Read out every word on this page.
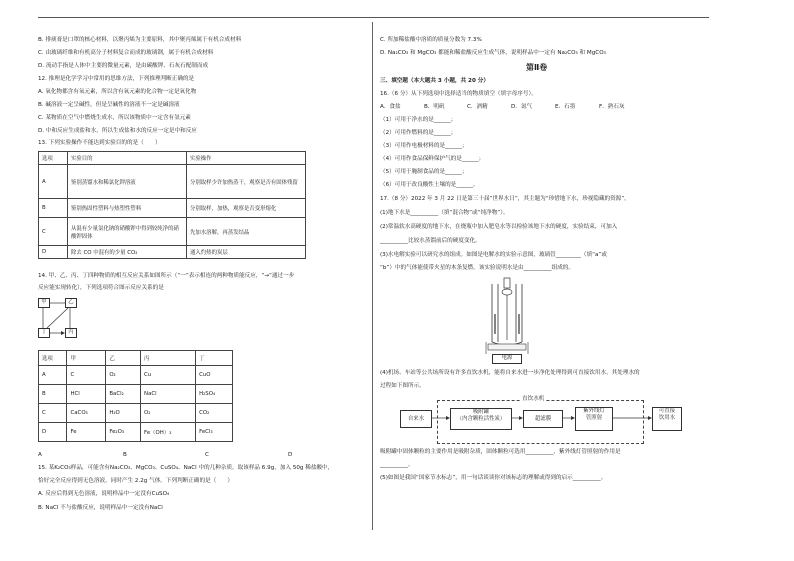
B. 排痰膏是口罩的核心材料，以聚丙烯为主要原料，其中聚丙烯属于有机合成材料
C. 由玻璃纤维和有机高分子材料复合而成的玻璃钢，属于有机合成材料
D. 流动手指是人体中主要的微量元素，是由碳酸钾、石灰石配制而成
12. 推理是化学学习中常用的思维方法，下列推理判断正确的是
A. 氧化物都含有氧元素，所以含有氧元素的化合物一定是氧化物
B. 碱溶液一定呈碱性，但是呈碱性的溶液不一定是碱溶液
C. 某物质在空气中燃烧生成水，所以该物质中一定含有氢元素
D. 中和反应生成盐和水，所以生成盐和水的反应一定是中和反应
13. 下列实验操作不能达到实验目的的是（　　）
选项	实验目的	实验操作
A	鉴别蒸馏水和稀氯化钾溶液	分别取样少许加热蒸干，观察是否有固体残留
B	鉴别热固性塑料与热塑性塑料	分别取样，加热，观察是否变形熔化
C	从混有少量氯化钠的硝酸钾中得到较纯净的硝酸钾固体	先加水溶解，再蒸发结晶
D	除去 CO 中混有的少量 CO₂	通入灼热的炭层
14. 甲、乙、丙、丁四种物质的相互反应关系如图所示（“一”表示相连的两种物质能反应，“→”通过一步
反应能实现转化），下列选项符合图示反应关系的是
甲	乙
丁	丙
选项	甲	乙	丙	丁
A	C	O₂	Cu	CuO
B	HCl	BaCl₂	NaCl	H₂SO₄
C	CaCO₃	H₂O	O₂	CO₂
D	Fe	Fe₂O₃	Fe（OH）₃	FeCl₃
A	B	C	D
15. 某K₂CO₃样品，可能含有Na₂CO₃、MgCO₃、CuSO₄、NaCl 中的几种杂质。取该样品 6.9g，加入 50g 稀盐酸中，
恰好完全反应得到无色溶液，同时产生 2.2g 气体。下列判断正确的是（　　）
A. 反应后得到无色溶液，说明样品中一定没有CuSO₄
B. NaCl 不与盐酸反应，说明样品中一定没有NaCl
C. 所加稀盐酸中溶质的质量分数为 7.3%
D. Na₂CO₃ 和 MgCO₃ 都能和稀盐酸反应生成气体，说明样品中一定有 Na₂CO₃ 和 MgCO₃
第Ⅱ卷
三、填空题（本大题共 3 小题，共 20 分）
16.（6 分）从下列选项中选择适当的物质填空（填字母序号）。
A．食盐	B．明矾	C．酒精	D．氮气	E．石墨	F．熟石灰
（1）可用于净水的是______；
（2）可用作燃料的是______；
（3）可用作电极材料的是______；
（4）可用作食品保鲜保护气的是______；
（5）可用于腌制食品的是______；
（6）可用于改良酸性土壤的是______。
17.（8 分）2022 年 3 月 22 日是第三十届“世界水日”，其主题为“珍惜地下水，珍视隐藏的资源”。
(1)地下水是__________（填“混合物”或“纯净物”）。
(2)常温软水高硬度的地下水，在烧瓶中加入肥皂水等以检验该地下水的硬度，实验结束，可加入
__________比较水蒸馏前后的硬度变化。
(3)水电解实验可以研究水的组成。如图是电解水的实验示意图，玻璃管_________（填“a”或
“b”）中的气体能使带火星的木条复燃。该实验说明水是由__________组成的。
电源
(4)机场、车站等公共场所设有许多直饮水机，能将自来水进一步净化处理得到可直接饮用水，其处理水的
过程如下图所示。
直饮水机
自来水
吸附罐
（内含颗粒活性炭）	超滤膜
紫外线灯
管照射
可直接
饮用水
吸附罐中固体颗粒的主要作用是吸附杂质，固体颗粒可选用__________，紫外线灯管照射的作用是
__________。
(5)如图是我国“国家节水标志”，用一句话谈谈你对该标志的理解或得到的启示__________。
